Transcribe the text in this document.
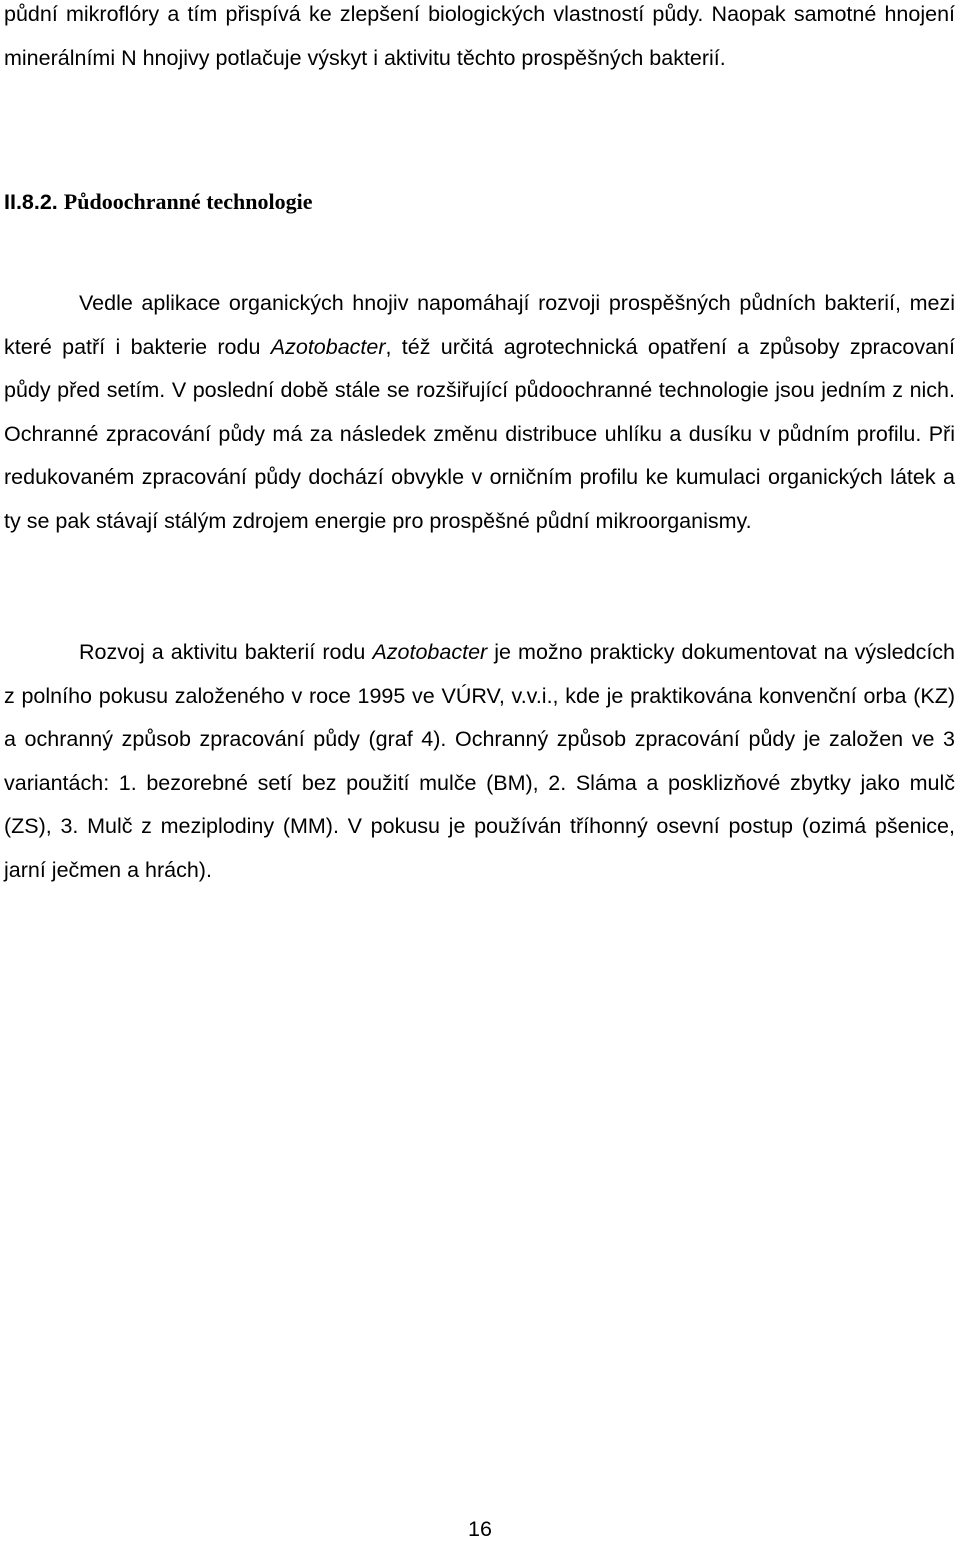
půdní mikroflóry a tím přispívá ke zlepšení biologických vlastností půdy. Naopak samotné hnojení minerálními N hnojivy potlačuje výskyt i aktivitu těchto prospěšných bakterií.

II.8.2. Půdoochranné technologie

Vedle aplikace organických hnojiv napomáhají rozvoji prospěšných půdních bakterií, mezi které patří i bakterie rodu Azotobacter, též určitá agrotechnická opatření a způsoby zpracovaní půdy před setím. V poslední době stále se rozšiřující půdoochranné technologie jsou jedním z nich. Ochranné zpracování půdy má za následek změnu distribuce uhlíku a dusíku v půdním profilu. Při redukovaném zpracování půdy dochází obvykle v orničním profilu ke kumulaci organických látek a ty se pak stávají stálým zdrojem energie pro prospěšné půdní mikroorganismy.

Rozvoj a aktivitu bakterií rodu Azotobacter je možno prakticky dokumentovat na výsledcích z polního pokusu založeného v roce 1995 ve VÚRV, v.v.i., kde je praktikována konvenční orba (KZ) a ochranný způsob zpracování půdy (graf 4). Ochranný způsob zpracování půdy je založen ve 3 variantách: 1. bezorebné setí bez použití mulče (BM), 2. Sláma a posklizňové zbytky jako mulč (ZS), 3. Mulč z meziplodiny (MM). V pokusu je používán tříhonný osevní postup (ozimá pšenice, jarní ječmen a hrách).

16
